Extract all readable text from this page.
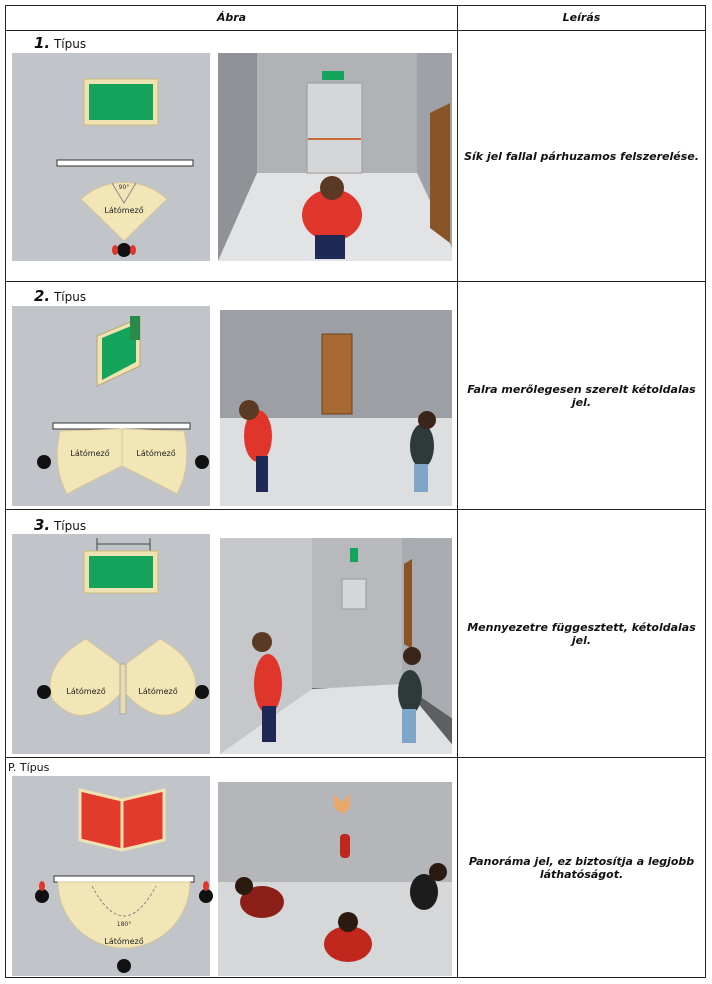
Ábra	Leírás
1. Típus
90°
Látómező
Sík jel fallal párhuzamos felszerelése.
2. Típus
Látómező	Látómező
Falra merőlegesen szerelt kétoldalas jel.
3. Típus
Látómező	Látómező
Mennyezetre függesztett, kétoldalas jel.
P. Típus
180°
Látómező
Panoráma jel, ez biztosítja a legjobb láthatóságot.
